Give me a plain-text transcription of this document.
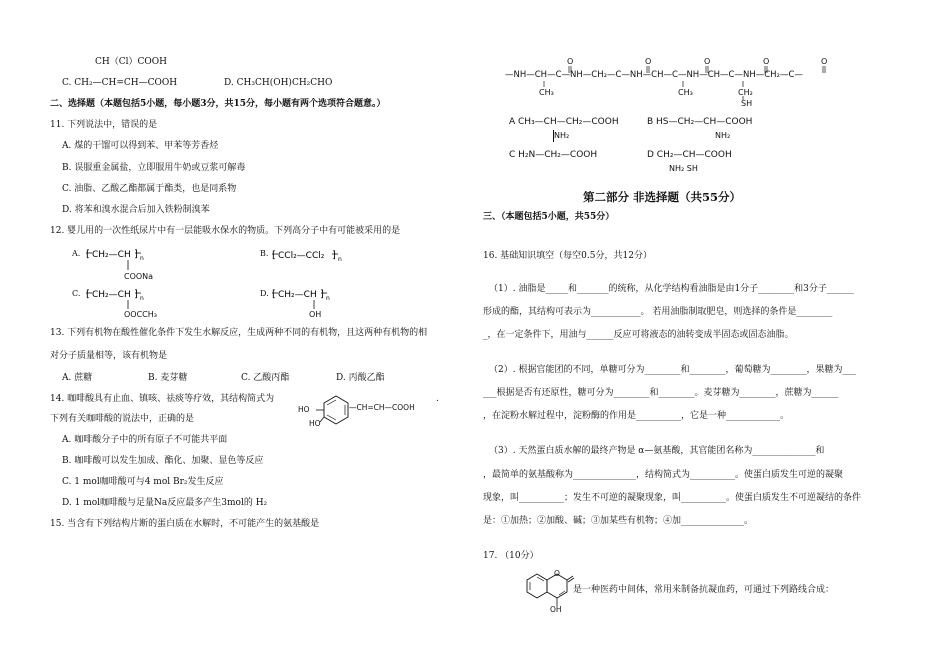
CH（Cl）COOH
C. CH₂—CH=CH—COOH	D. CH₃CH(OH)CH₂CHO
二、选择题（本题包括5小题，每小题3分，共15分，每小题有两个选项符合题意。）
11. 下列说法中，错误的是
A. 煤的干馏可以得到苯、甲苯等芳香烃
B. 误服重金属盐，立即服用牛奶或豆浆可解毒
C. 油脂、乙酸乙酯都属于酯类，也是同系物
D. 将苯和溴水混合后加入铁粉制溴苯
12. 婴儿用的一次性纸尿片中有一层能吸水保水的物质。下列高分子中有可能被采用的是
A. [ CH₂—CH ] n
COONa
B. [ CCl₂—CCl₂ ] n
C. [ CH₂—CH ] n
OOCCH₃
D. [ CH₂—CH ] n
OH
13. 下列有机物在酸性催化条件下发生水解反应，生成两种不同的有机物，且这两种有机物的相
对分子质量相等，该有机物是
A. 蔗糖	B. 麦芽糖	C. 乙酸丙酯	D. 丙酸乙酯
14. 咖啡酸具有止血、镇咳、祛痰等疗效，其结构简式为
HO
HO
—CH=CH—COOH
.
下列有关咖啡酸的说法中，正确的是
A. 咖啡酸分子中的所有原子不可能共平面
B. 咖啡酸可以发生加成、酯化、加聚、显色等反应
C. 1 mol咖啡酸可与4 mol Br₂发生反应
D. 1 mol咖啡酸与足量Na反应最多产生3mol的 H₂
15. 当含有下列结构片断的蛋白质在水解时，不可能产生的氨基酸是
O	O	O	O	O
—NH—CH—C—NH—CH₂—C—NH—CH—C—NH—CH—C—NH—CH₂—C—
CH₃	CH₃	CH₂
SH
A CH₃—CH—CH₂—COOH
NH₂
B HS—CH₂—CH—COOH
NH₂
C H₂N—CH₂—COOH	D CH₂—CH—COOH
NH₂ SH
第二部分 非选择题（共55分）
三、（本题包括5小题，共55分）
16. 基础知识填空（每空0.5分，共12分）
（1）. 油脂是_____和_______的统称，从化学结构看油脂是由1分子________和3分子______
形成的酯，其结构可表示为___________。 若用油脂制取肥皂，则选择的条件是________
_，在一定条件下，用油与______反应可将液态的油转变成半固态或固态油脂。
（2）. 根据官能团的不同，单糖可分为________和________，葡萄糖为________，果糖为___
___根据是否有还原性，糖可分为________和________。麦芽糖为________，蔗糖为______
，在淀粉水解过程中，淀粉酶的作用是__________，它是一种____________。
（3）. 天然蛋白质水解的最终产物是 α—氨基酸，其官能团名称为______________和
，最简单的氨基酸称为______________，结构简式为__________。使蛋白质发生可逆的凝聚
现象，叫__________；发生不可逆的凝聚现象，叫__________。使蛋白质发生不可逆凝结的条件
是：①加热；②加酸、碱；③加某些有机物；④加______________。
17. （10分）
O
OH
是一种医药中间体，常用来制备抗凝血药，可通过下列路线合成：
